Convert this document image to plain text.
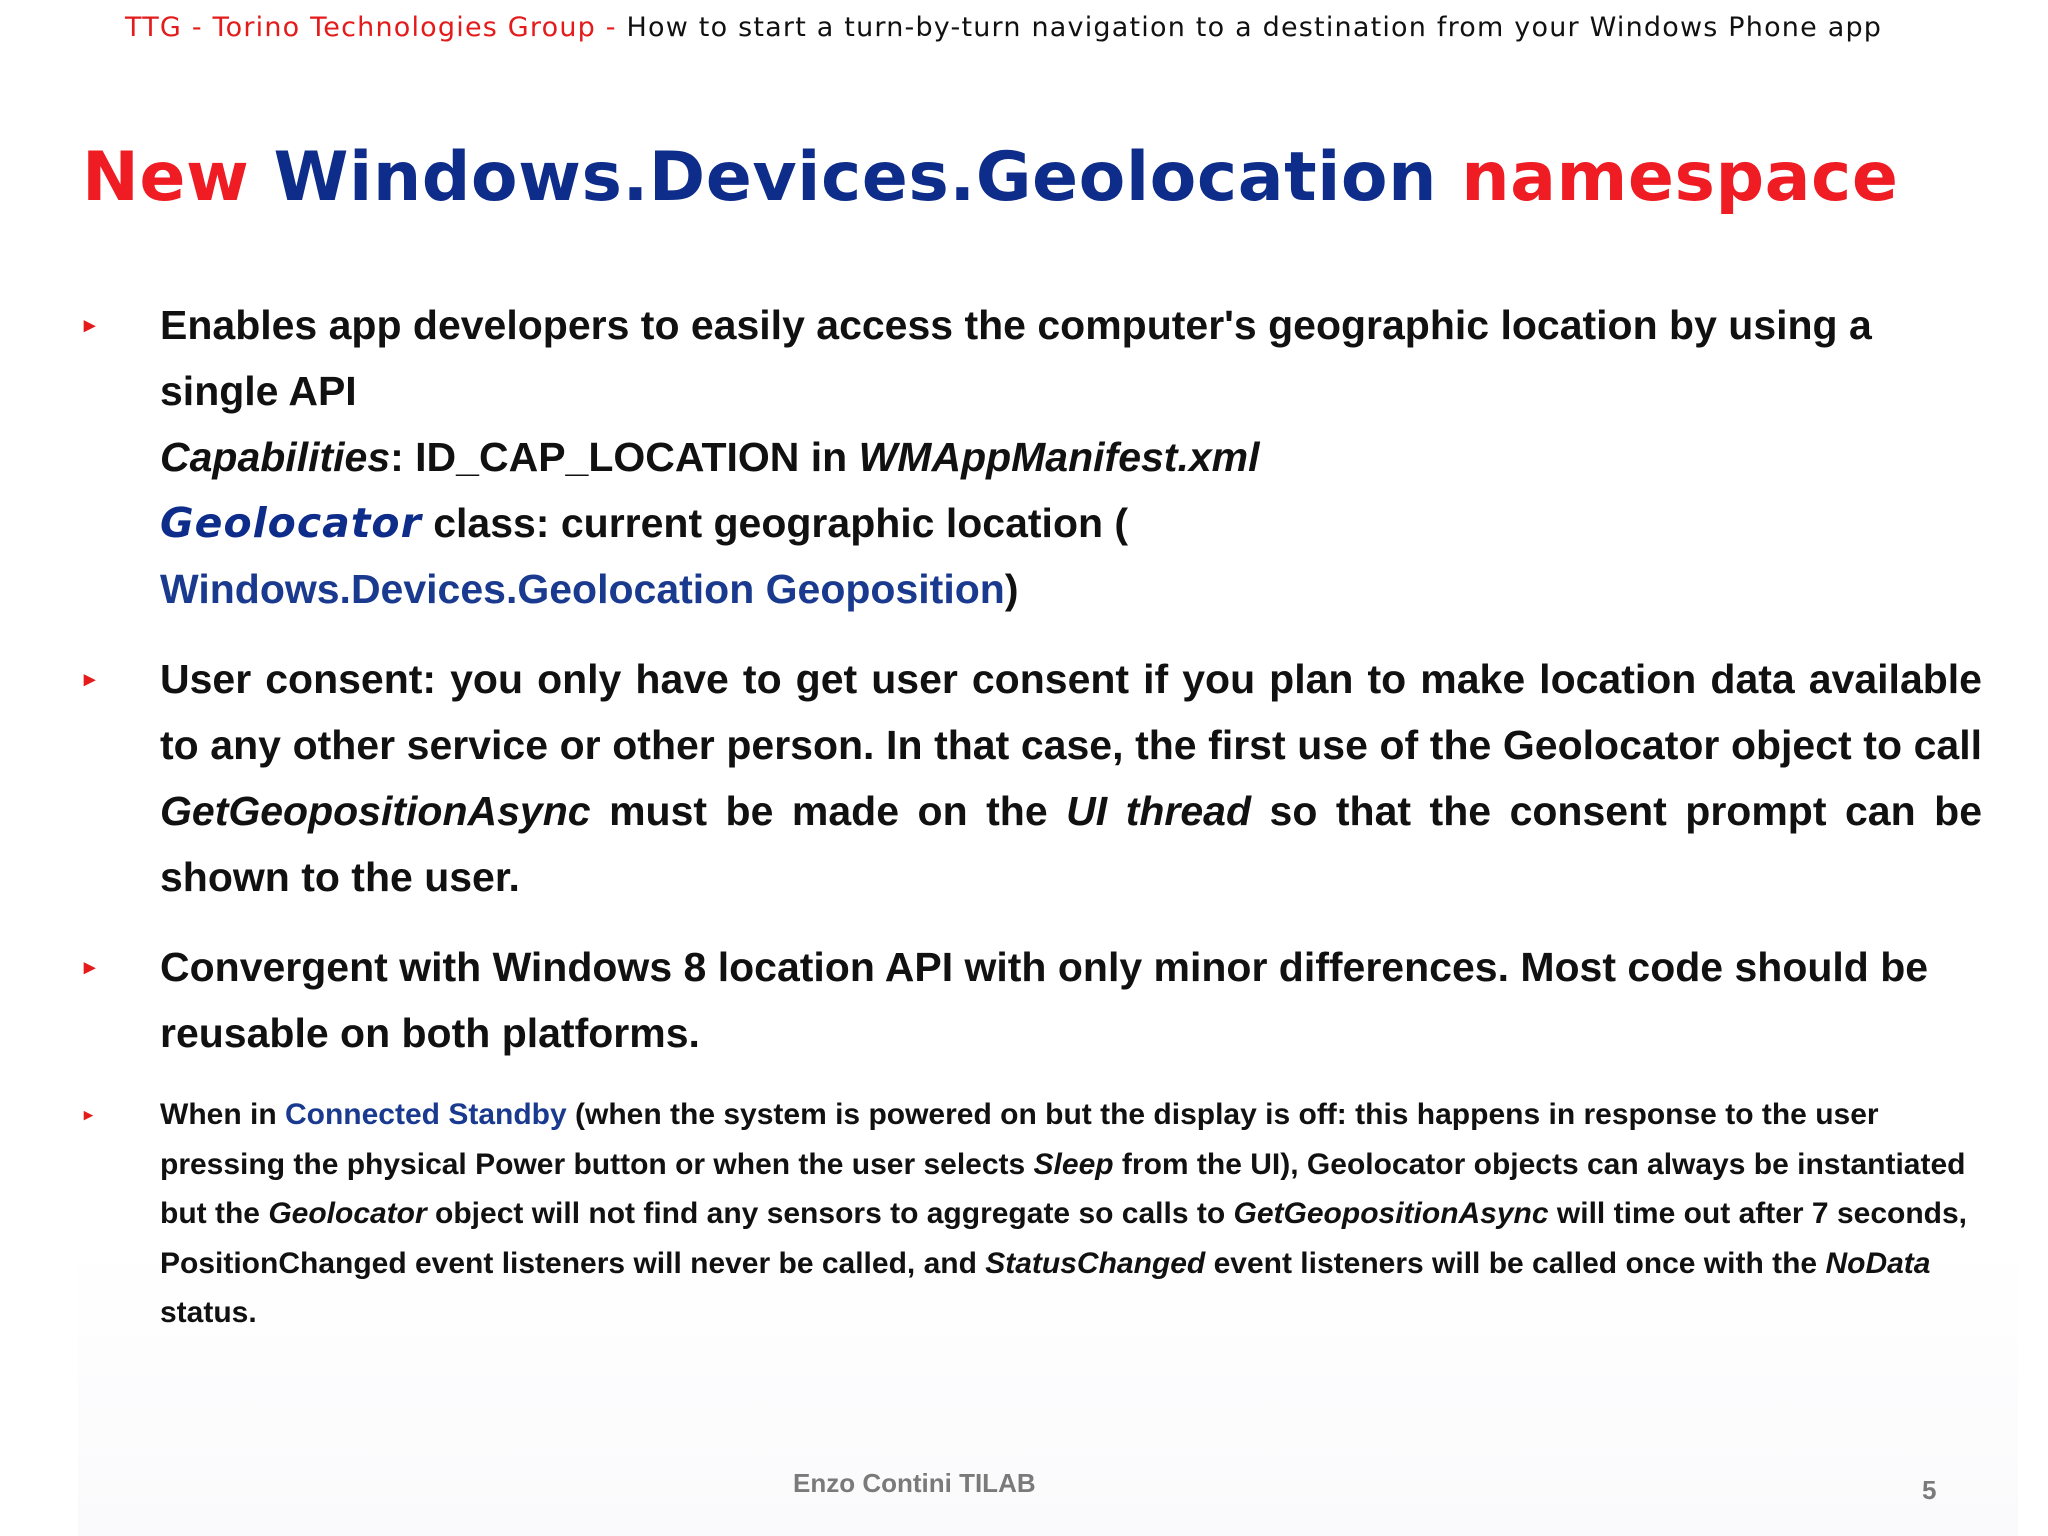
TTG - Torino Technologies Group - How to start a turn-by-turn navigation to a destination from your Windows Phone app
New Windows.Devices.Geolocation namespace
▸ Enables app developers to easily access the computer's geographic location by using a single API
Capabilities: ID_CAP_LOCATION in WMAppManifest.xml
Geolocator class: current geographic location (
Windows.Devices.Geolocation Geoposition)
▸ User consent: you only have to get user consent if you plan to make location data available to any other service or other person. In that case, the first use of the Geolocator object to call GetGeopositionAsync must be made on the UI thread so that the consent prompt can be shown to the user.
▸ Convergent with Windows 8 location API with only minor differences. Most code should be reusable on both platforms.
▸ When in Connected Standby (when the system is powered on but the display is off: this happens in response to the user pressing the physical Power button or when the user selects Sleep from the UI), Geolocator objects can always be instantiated but the Geolocator object will not find any sensors to aggregate so calls to GetGeopositionAsync will time out after 7 seconds, PositionChanged event listeners will never be called, and StatusChanged event listeners will be called once with the NoData status.
Enzo Contini TILAB	5
